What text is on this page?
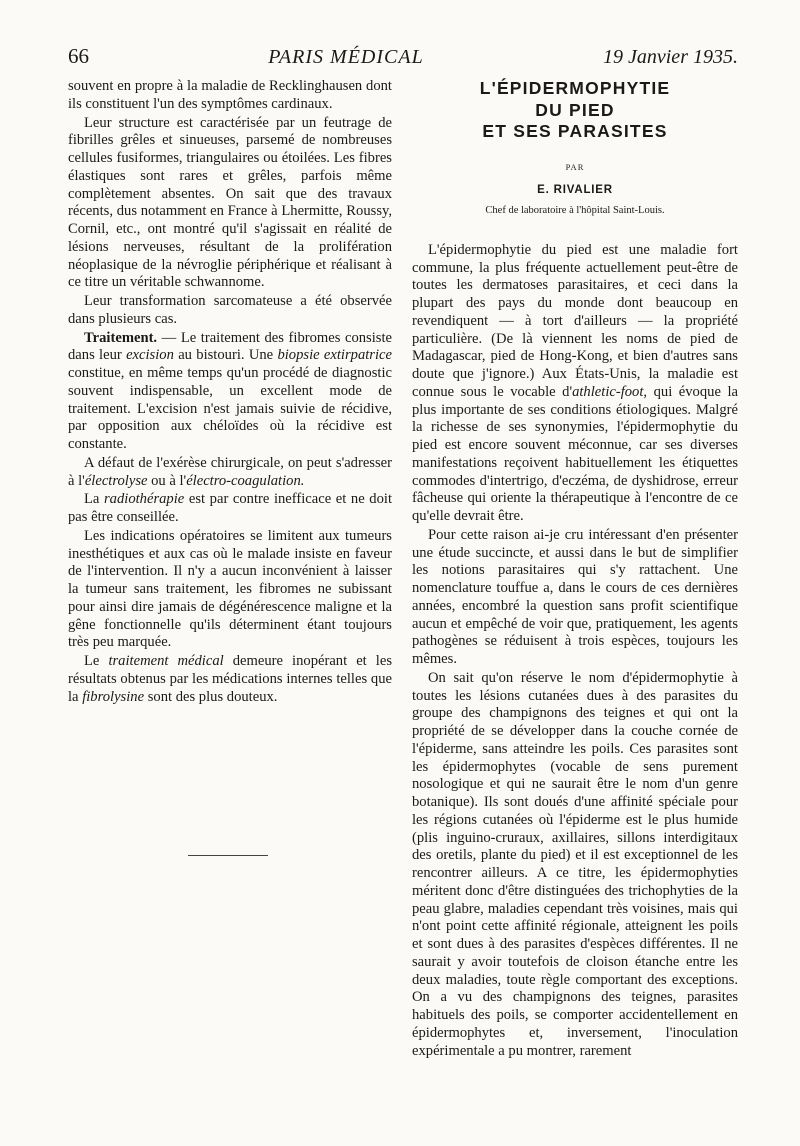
66	PARIS MÉDICAL	19 Janvier 1935.

souvent en propre à la maladie de Recklinghausen dont ils constituent l'un des symptômes cardinaux.

Leur structure est caractérisée par un feutrage de fibrilles grêles et sinueuses, parsemé de nombreuses cellules fusiformes, triangulaires ou étoilées. Les fibres élastiques sont rares et grêles, parfois même complètement absentes. On sait que des travaux récents, dus notamment en France à Lhermitte, Roussy, Cornil, etc., ont montré qu'il s'agissait en réalité de lésions nerveuses, résultant de la prolifération néoplasique de la névroglie périphérique et réalisant à ce titre un véritable schwannome.

Leur transformation sarcomateuse a été observée dans plusieurs cas.

Traitement. — Le traitement des fibromes consiste dans leur excision au bistouri. Une biopsie extirpatrice constitue, en même temps qu'un procédé de diagnostic souvent indispensable, un excellent mode de traitement. L'excision n'est jamais suivie de récidive, par opposition aux chéloïdes où la récidive est constante.

A défaut de l'exérèse chirurgicale, on peut s'adresser à l'électrolyse ou à l'électro-coagulation.

La radiothérapie est par contre inefficace et ne doit pas être conseillée.

Les indications opératoires se limitent aux tumeurs inesthétiques et aux cas où le malade insiste en faveur de l'intervention. Il n'y a aucun inconvénient à laisser la tumeur sans traitement, les fibromes ne subissant pour ainsi dire jamais de dégénérescence maligne et la gêne fonctionnelle qu'ils déterminent étant toujours très peu marquée.

Le traitement médical demeure inopérant et les résultats obtenus par les médications internes telles que la fibrolysine sont des plus douteux.

L'ÉPIDERMOPHYTIE
DU PIED
ET SES PARASITES
PAR
E. RIVALIER
Chef de laboratoire à l'hôpital Saint-Louis.

L'épidermophytie du pied est une maladie fort commune, la plus fréquente actuellement peut-être de toutes les dermatoses parasitaires, et ceci dans la plupart des pays du monde dont beaucoup en revendiquent — à tort d'ailleurs — la propriété particulière. (De là viennent les noms de pied de Madagascar, pied de Hong-Kong, et bien d'autres sans doute que j'ignore.) Aux États-Unis, la maladie est connue sous le vocable d'athletic-foot, qui évoque la plus importante de ses conditions étiologiques. Malgré la richesse de ses synonymies, l'épidermophytie du pied est encore souvent méconnue, car ses diverses manifestations reçoivent habituellement les étiquettes commodes d'intertrigo, d'eczéma, de dyshidrose, erreur fâcheuse qui oriente la thérapeutique à l'encontre de ce qu'elle devrait être.

Pour cette raison ai-je cru intéressant d'en présenter une étude succincte, et aussi dans le but de simplifier les notions parasitaires qui s'y rattachent. Une nomenclature touffue a, dans le cours de ces dernières années, encombré la question sans profit scientifique aucun et empêché de voir que, pratiquement, les agents pathogènes se réduisent à trois espèces, toujours les mêmes.

On sait qu'on réserve le nom d'épidermophytie à toutes les lésions cutanées dues à des parasites du groupe des champignons des teignes et qui ont la propriété de se développer dans la couche cornée de l'épiderme, sans atteindre les poils. Ces parasites sont les épidermophytes (vocable de sens purement nosologique et qui ne saurait être le nom d'un genre botanique). Ils sont doués d'une affinité spéciale pour les régions cutanées où l'épiderme est le plus humide (plis inguino-cruraux, axillaires, sillons interdigitaux des oretils, plante du pied) et il est exceptionnel de les rencontrer ailleurs. A ce titre, les épidermophyties méritent donc d'être distinguées des trichophyties de la peau glabre, maladies cependant très voisines, mais qui n'ont point cette affinité régionale, atteignent les poils et sont dues à des parasites d'espèces différentes. Il ne saurait y avoir toutefois de cloison étanche entre les deux maladies, toute règle comportant des exceptions. On a vu des champignons des teignes, parasites habituels des poils, se comporter accidentellement en épidermophytes et, inversement, l'inoculation expérimentale a pu montrer, rarement
